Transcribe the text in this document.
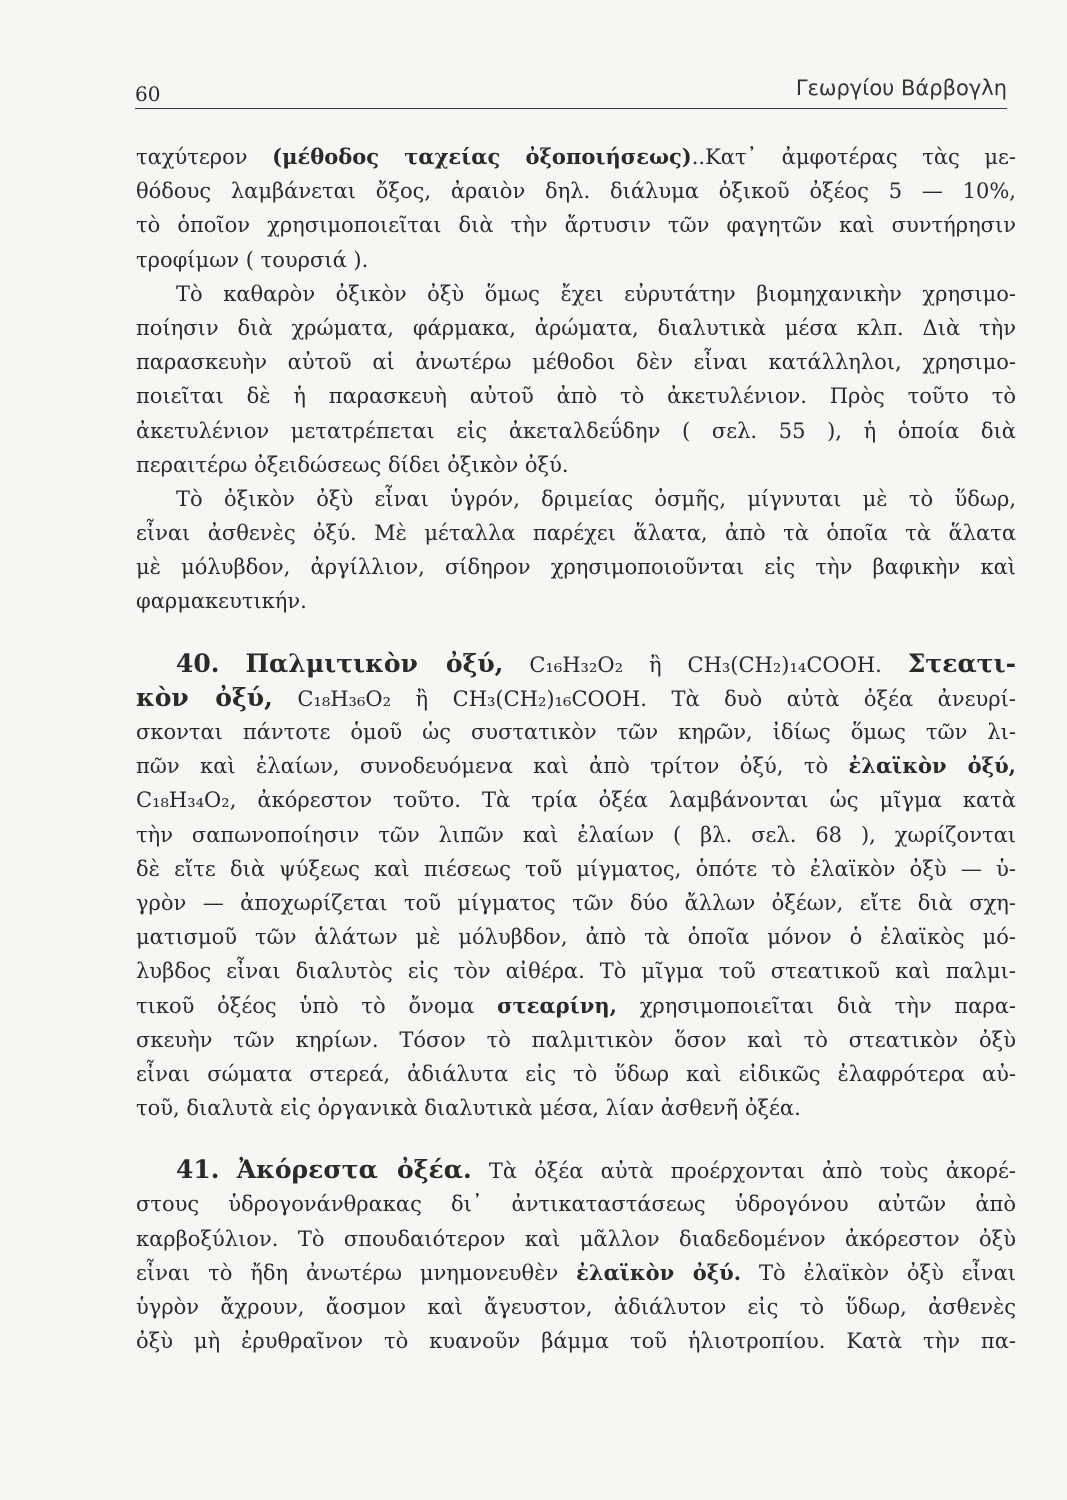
60	Γεωργίου Βάρβογλη
ταχύτερον (μέθοδος ταχείας ὀξοποιήσεως)..Κατ᾽ ἀμφοτέρας τὰς με-
θόδους λαμβάνεται ὄξος, ἀραιὸν δηλ. διάλυμα ὀξικοῦ ὀξέος 5 — 10%,
τὸ ὁποῖον χρησιμοποιεῖται διὰ τὴν ἄρτυσιν τῶν φαγητῶν καὶ συντήρησιν
τροφίμων ( τουρσιά ).
Τὸ καθαρὸν ὀξικὸν ὀξὺ ὅμως ἔχει εὐρυτάτην βιομηχανικὴν χρησιμο-
ποίησιν διὰ χρώματα, φάρμακα, ἀρώματα, διαλυτικὰ μέσα κλπ. Διὰ τὴν
παρασκευὴν αὐτοῦ αἱ ἀνωτέρω μέθοδοι δὲν εἶναι κατάλληλοι, χρησιμο-
ποιεῖται δὲ ἡ παρασκευὴ αὐτοῦ ἀπὸ τὸ ἀκετυλένιον. Πρὸς τοῦτο τὸ
ἀκετυλένιον μετατρέπεται εἰς ἀκεταλδεΰδην ( σελ. 55 ), ἡ ὁποία διὰ
περαιτέρω ὀξειδώσεως δίδει ὀξικὸν ὀξύ.
Τὸ ὀξικὸν ὀξὺ εἶναι ὑγρόν, δριμείας ὀσμῆς, μίγνυται μὲ τὸ ὕδωρ,
εἶναι ἀσθενὲς ὀξύ. Μὲ μέταλλα παρέχει ἅλατα, ἀπὸ τὰ ὁποῖα τὰ ἅλατα
μὲ μόλυβδον, ἀργίλλιον, σίδηρον χρησιμοποιοῦνται εἰς τὴν βαφικὴν καὶ
φαρμακευτικήν.
40. Παλμιτικὸν ὀξύ, C₁₆H₃₂O₂ ἢ CH₃(CH₂)₁₄COOH. Στεατι-
κὸν ὀξύ, C₁₈H₃₆O₂ ἢ CH₃(CH₂)₁₆COOH. Τὰ δυὸ αὐτὰ ὀξέα ἀνευρί-
σκονται πάντοτε ὁμοῦ ὡς συστατικὸν τῶν κηρῶν, ἰδίως ὅμως τῶν λι-
πῶν καὶ ἐλαίων, συνοδευόμενα καὶ ἀπὸ τρίτον ὀξύ, τὸ ἐλαϊκὸν ὀξύ,
C₁₈H₃₄O₂, ἀκόρεστον τοῦτο. Τὰ τρία ὀξέα λαμβάνονται ὡς μῖγμα κατὰ
τὴν σαπωνοποίησιν τῶν λιπῶν καὶ ἐλαίων ( βλ. σελ. 68 ), χωρίζονται
δὲ εἴτε διὰ ψύξεως καὶ πιέσεως τοῦ μίγματος, ὁπότε τὸ ἐλαϊκὸν ὀξὺ — ὑ-
γρὸν — ἀποχωρίζεται τοῦ μίγματος τῶν δύο ἄλλων ὀξέων, εἴτε διὰ σχη-
ματισμοῦ τῶν ἁλάτων μὲ μόλυβδον, ἀπὸ τὰ ὁποῖα μόνον ὁ ἐλαϊκὸς μό-
λυβδος εἶναι διαλυτὸς εἰς τὸν αἰθέρα. Τὸ μῖγμα τοῦ στεατικοῦ καὶ παλμι-
τικοῦ ὀξέος ὑπὸ τὸ ὄνομα στεαρίνη, χρησιμοποιεῖται διὰ τὴν παρα-
σκευὴν τῶν κηρίων. Τόσον τὸ παλμιτικὸν ὅσον καὶ τὸ στεατικὸν ὀξὺ
εἶναι σώματα στερεά, ἀδιάλυτα εἰς τὸ ὕδωρ καὶ εἰδικῶς ἐλαφρότερα αὐ-
τοῦ, διαλυτὰ εἰς ὀργανικὰ διαλυτικὰ μέσα, λίαν ἀσθενῆ ὀξέα.
41. Ἀκόρεστα ὀξέα. Τὰ ὀξέα αὐτὰ προέρχονται ἀπὸ τοὺς ἀκορέ-
στους ὑδρογονάνθρακας δι᾽ ἀντικαταστάσεως ὑδρογόνου αὐτῶν ἀπὸ
καρβοξύλιον. Τὸ σπουδαιότερον καὶ μᾶλλον διαδεδομένον ἀκόρεστον ὀξὺ
εἶναι τὸ ἤδη ἀνωτέρω μνημονευθὲν ἐλαϊκὸν ὀξύ. Τὸ ἐλαϊκὸν ὀξὺ εἶναι
ὑγρὸν ἄχρουν, ἄοσμον καὶ ἄγευστον, ἀδιάλυτον εἰς τὸ ὕδωρ, ἀσθενὲς
ὀξὺ μὴ ἐρυθραῖνον τὸ κυανοῦν βάμμα τοῦ ἡλιοτροπίου. Κατὰ τὴν πα-
